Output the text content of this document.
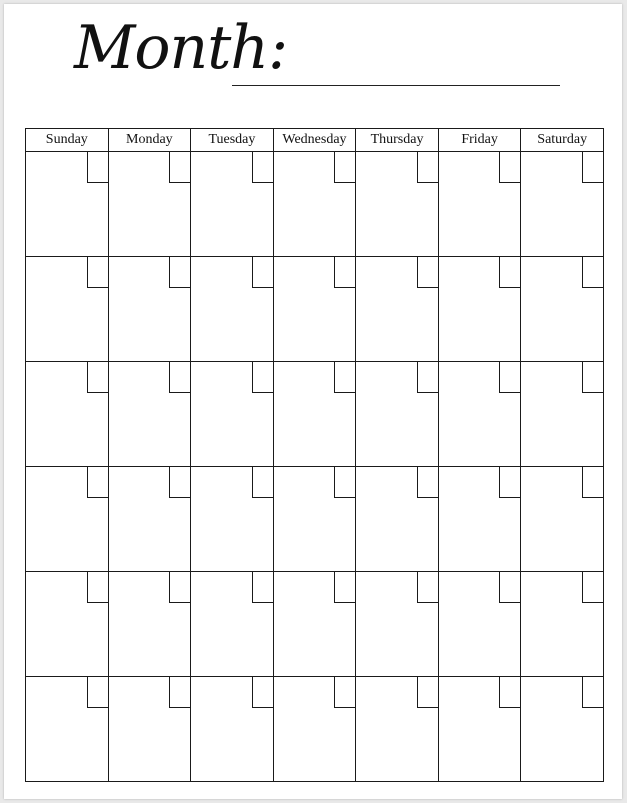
Month:
Sunday	Monday	Tuesday	Wednesday	Thursday	Friday	Saturday
